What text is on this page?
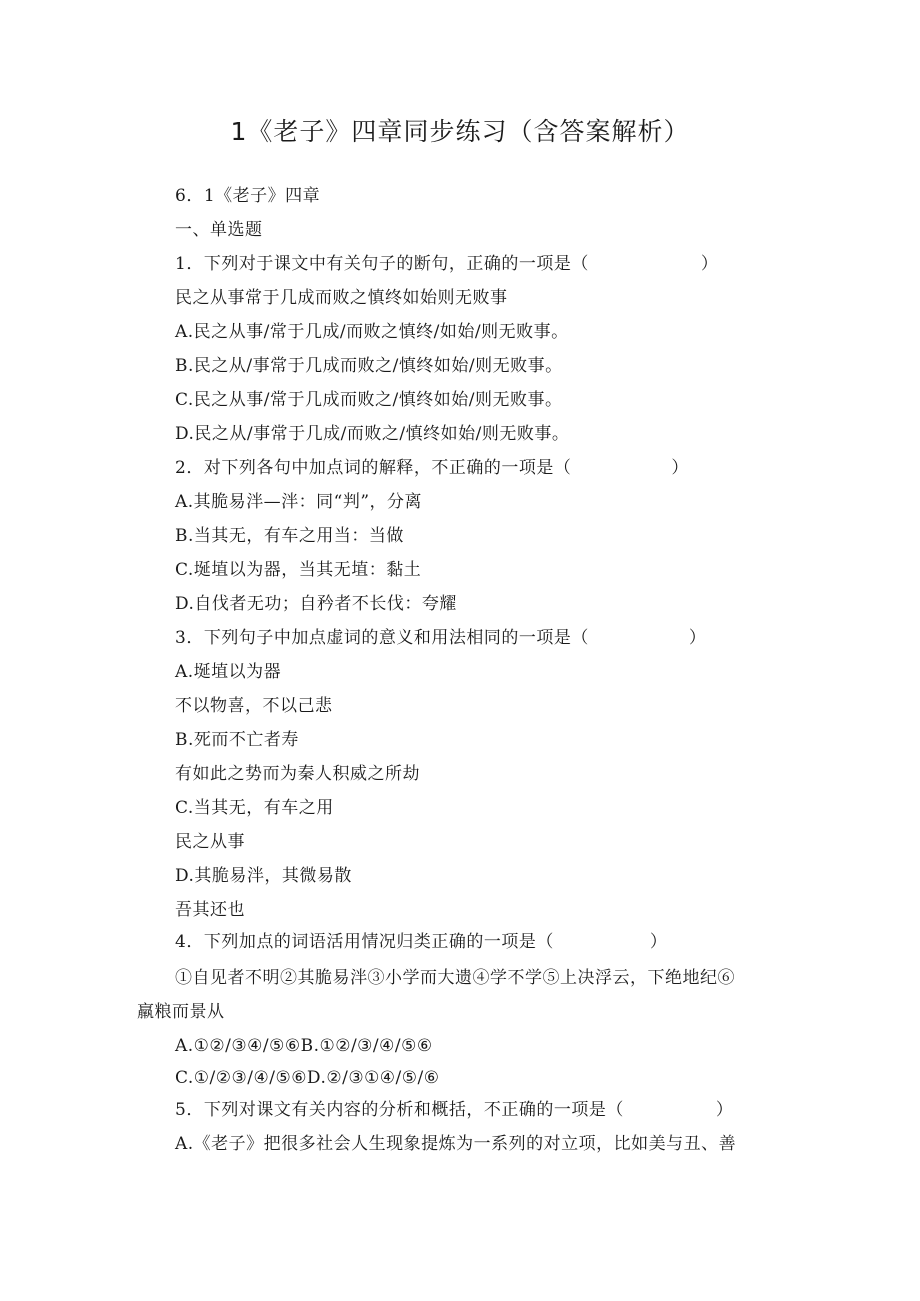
1《老子》四章同步练习（含答案解析）
6．1《老子》四章
一、单选题
1．下列对于课文中有关句子的断句，正确的一项是（	）
民之从事常于几成而败之慎终如始则无败事
A.民之从事/常于几成/而败之慎终/如始/则无败事。
B.民之从/事常于几成而败之/慎终如始/则无败事。
C.民之从事/常于几成而败之/慎终如始/则无败事。
D.民之从/事常于几成/而败之/慎终如始/则无败事。
2．对下列各句中加点词的解释，不正确的一项是（	）
A.其脆易泮—泮：同“判”，分离
B.当其无，有车之用当：当做
C.埏埴以为器，当其无埴：黏土
D.自伐者无功；自矜者不长伐：夸耀
3．下列句子中加点虚词的意义和用法相同的一项是（	）
A.埏埴以为器
不以物喜，不以己悲
B.死而不亡者寿
有如此之势而为秦人积威之所劫
C.当其无，有车之用
民之从事
D.其脆易泮，其微易散
吾其还也
4．下列加点的词语活用情况归类正确的一项是（	）
①自见者不明②其脆易泮③小学而大遗④学不学⑤上决浮云，下绝地纪⑥
羸粮而景从
A.①②/③④/⑤⑥B.①②/③/④/⑤⑥
C.①/②③/④/⑤⑥D.②/③①④/⑤/⑥
5．下列对课文有关内容的分析和概括，不正确的一项是（	）
A.《老子》把很多社会人生现象提炼为一系列的对立项，比如美与丑、善
